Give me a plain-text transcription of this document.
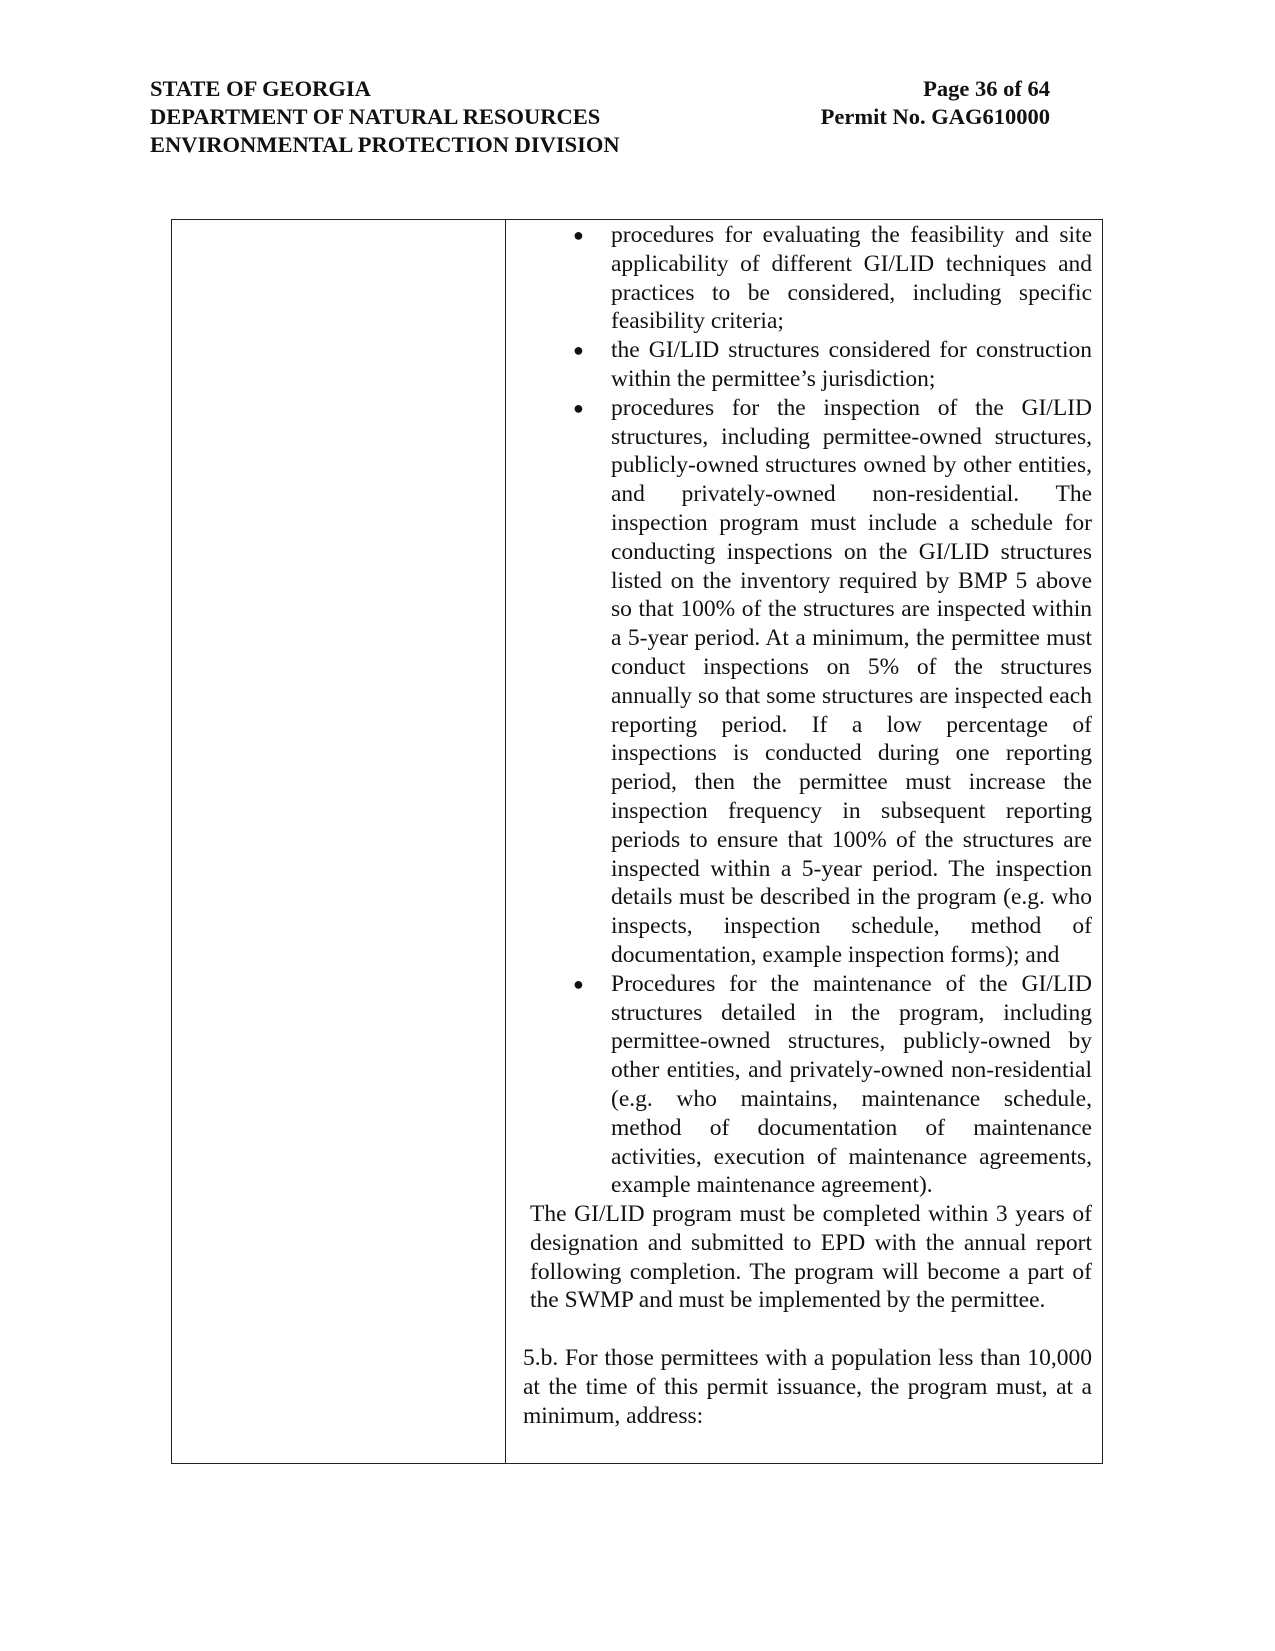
STATE OF GEORGIA
DEPARTMENT OF NATURAL RESOURCES
ENVIRONMENTAL PROTECTION DIVISION
Page 36 of 64
Permit No. GAG610000
● procedures for evaluating the feasibility and site applicability of different GI/LID techniques and practices to be considered, including specific feasibility criteria;
● the GI/LID structures considered for construction within the permittee’s jurisdiction;
● procedures for the inspection of the GI/LID structures, including permittee-owned structures, publicly-owned structures owned by other entities, and privately-owned non-residential. The inspection program must include a schedule for conducting inspections on the GI/LID structures listed on the inventory required by BMP 5 above so that 100% of the structures are inspected within a 5-year period. At a minimum, the permittee must conduct inspections on 5% of the structures annually so that some structures are inspected each reporting period. If a low percentage of inspections is conducted during one reporting period, then the permittee must increase the inspection frequency in subsequent reporting periods to ensure that 100% of the structures are inspected within a 5-year period. The inspection details must be described in the program (e.g. who inspects, inspection schedule, method of documentation, example inspection forms); and
● Procedures for the maintenance of the GI/LID structures detailed in the program, including permittee-owned structures, publicly-owned by other entities, and privately-owned non-residential (e.g. who maintains, maintenance schedule, method of documentation of maintenance activities, execution of maintenance agreements, example maintenance agreement).

The GI/LID program must be completed within 3 years of designation and submitted to EPD with the annual report following completion. The program will become a part of the SWMP and must be implemented by the permittee.

5.b. For those permittees with a population less than 10,000 at the time of this permit issuance, the program must, at a minimum, address:
